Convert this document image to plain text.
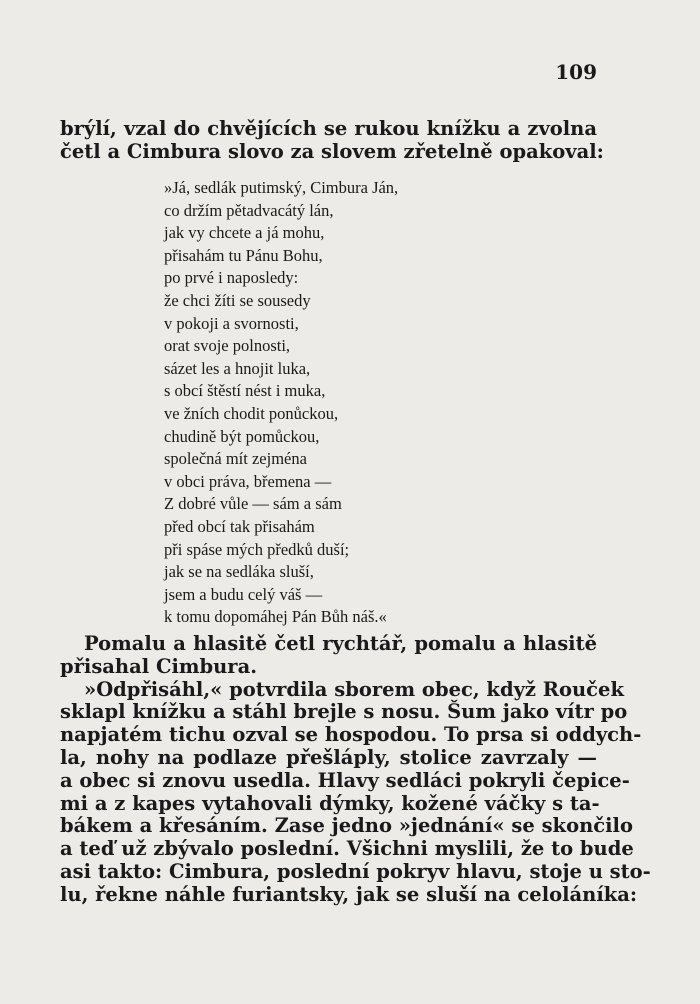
109
brýlí, vzal do chvějících se rukou knížku a zvolna
četl a Cimbura slovo za slovem zřetelně opakoval:
»Já, sedlák putimský, Cimbura Ján,
co držím pětadvacátý lán,
jak vy chcete a já mohu,
přisahám tu Pánu Bohu,
po prvé i naposledy:
že chci žíti se sousedy
v pokoji a svornosti,
orat svoje polnosti,
sázet les a hnojit luka,
s obcí štěstí nést i muka,
ve žních chodit ponůckou,
chudině být pomůckou,
společná mít zejména
v obci práva, břemena —
Z dobré vůle — sám a sám
před obcí tak přisahám
při spáse mých předků duší;
jak se na sedláka sluší,
jsem a budu celý váš —
k tomu dopomáhej Pán Bůh náš.«
Pomalu a hlasitě četl rychtář, pomalu a hlasitě
přisahal Cimbura.
»Odpřisáhl,« potvrdila sborem obec, když Rouček
sklapl knížku a stáhl brejle s nosu. Šum jako vítr po
napjatém tichu ozval se hospodou. To prsa si oddych-
la, nohy na podlaze přešláply, stolice zavrzaly —
a obec si znovu usedla. Hlavy sedláci pokryli čepice-
mi a z kapes vytahovali dýmky, kožené váčky s ta-
bákem a křesáním. Zase jedno »jednání« se skončilo
a teď už zbývalo poslední. Všichni myslili, že to bude
asi takto: Cimbura, poslední pokryv hlavu, stoje u sto-
lu, řekne náhle furiantsky, jak se sluší na celoláníka:
